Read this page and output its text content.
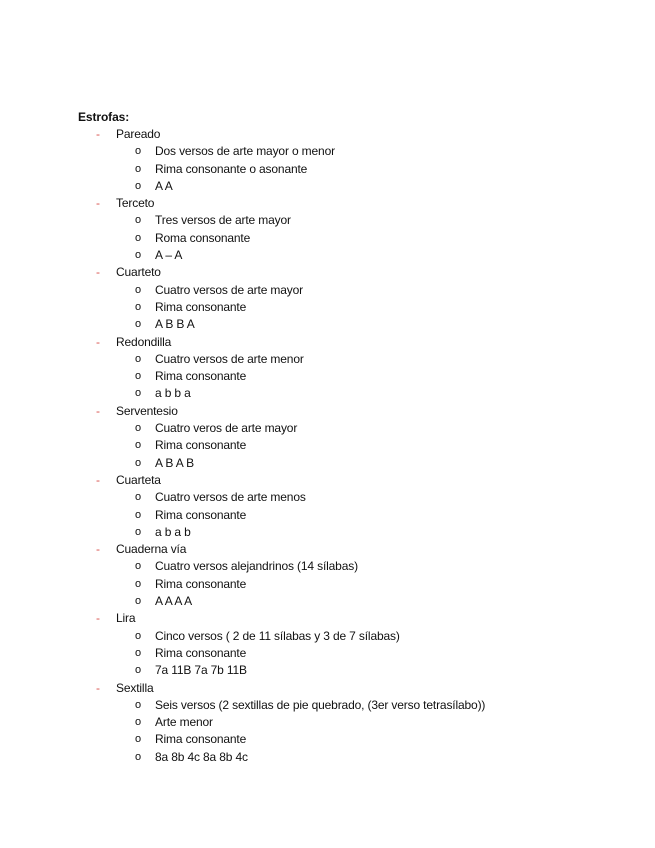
Estrofas:
- Pareado
o Dos versos de arte mayor o menor
o Rima consonante o asonante
o A A
- Terceto
o Tres versos de arte mayor
o Roma consonante
o A – A
- Cuarteto
o Cuatro versos de arte mayor
o Rima consonante
o A B B A
- Redondilla
o Cuatro versos de arte menor
o Rima consonante
o a b b a
- Serventesio
o Cuatro veros de arte mayor
o Rima consonante
o A B A B
- Cuarteta
o Cuatro versos de arte menos
o Rima consonante
o a b a b
- Cuaderna vía
o Cuatro versos alejandrinos (14 sílabas)
o Rima consonante
o A A A A
- Lira
o Cinco versos ( 2 de 11 sílabas y 3 de 7 sílabas)
o Rima consonante
o 7a 11B 7a 7b 11B
- Sextilla
o Seis versos (2 sextillas de pie quebrado, (3er verso tetrasílabo))
o Arte menor
o Rima consonante
o 8a 8b 4c 8a 8b 4c
